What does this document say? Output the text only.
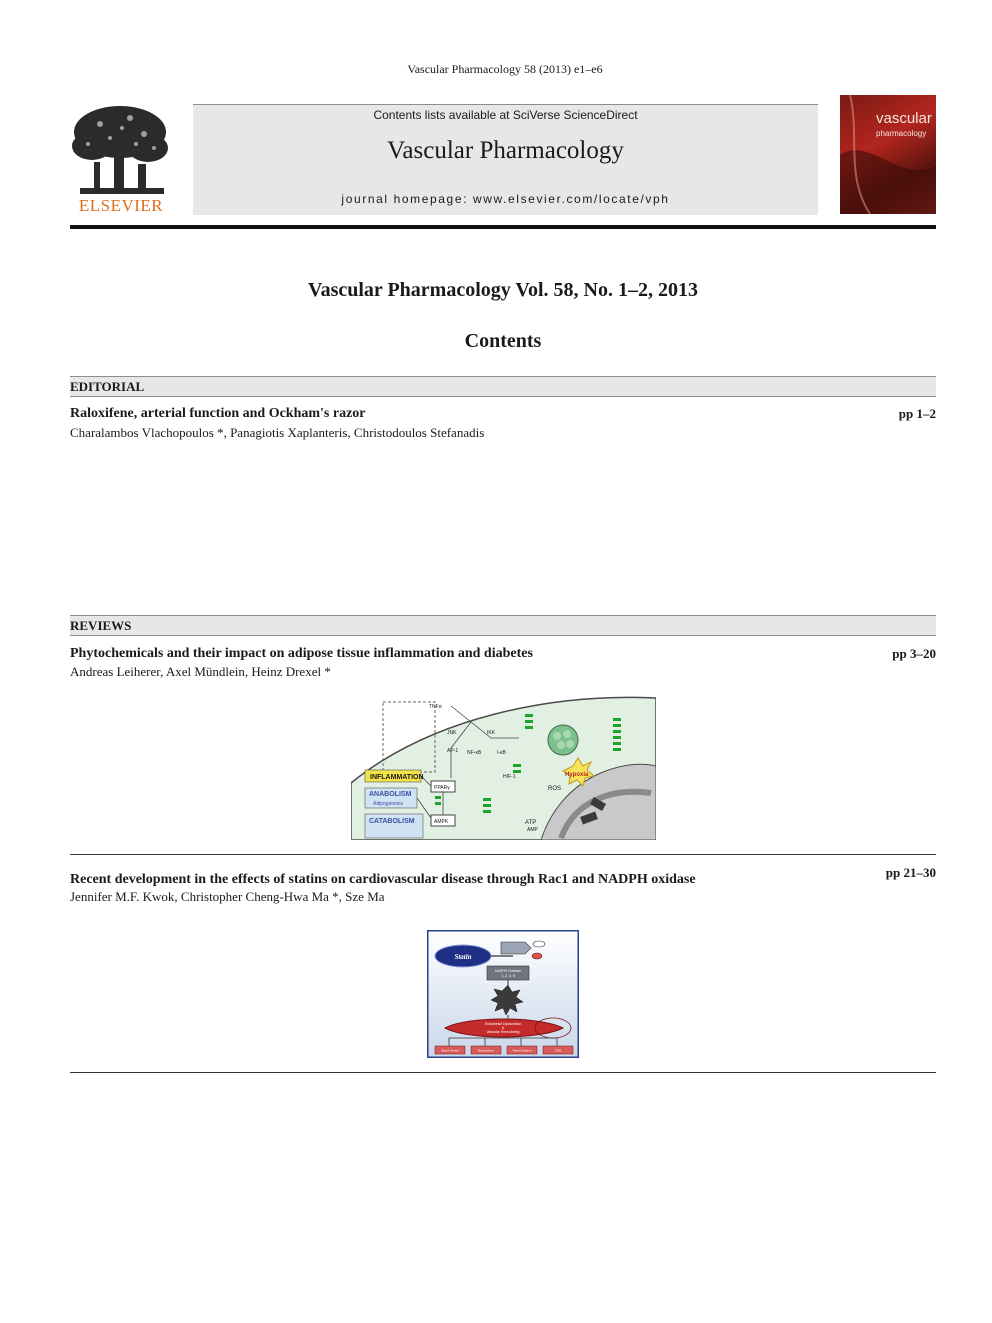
Vascular Pharmacology 58 (2013) e1–e6
ELSEVIER
Contents lists available at SciVerse ScienceDirect
Vascular Pharmacology
journal homepage: www.elsevier.com/locate/vph
vascular
pharmacology
Vascular Pharmacology Vol. 58, No. 1–2, 2013
Contents
EDITORIAL
Raloxifene, arterial function and Ockham's razor
Charalambos Vlachopoulos *, Panagiotis Xaplanteris, Christodoulos Stefanadis
pp 1–2
REVIEWS
Phytochemicals and their impact on adipose tissue inflammation and diabetes
Andreas Leiherer, Axel Mündlein, Heinz Drexel *
pp 3–20
INFLAMMATION
ANABOLISM
Adipogenesis
CATABOLISM
PPARγ
AMPK
TNFα
JNK	IKK
AP-1 NF-κB	I-κB
HIF-1	Hypoxia
ROS
ATP
AMP
Recent development in the effects of statins on cardiovascular disease through Rac1 and NADPH oxidase
Jennifer M.F. Kwok, Christopher Cheng-Hwa Ma *, Sze Ma
pp 21–30
Statin
NADPH Oxidase
1, 2, 4, 5
Endothelial Dysfunction
&
Vascular Remodeling
Blood Vessel	Myocardium	Renal System	CNS
